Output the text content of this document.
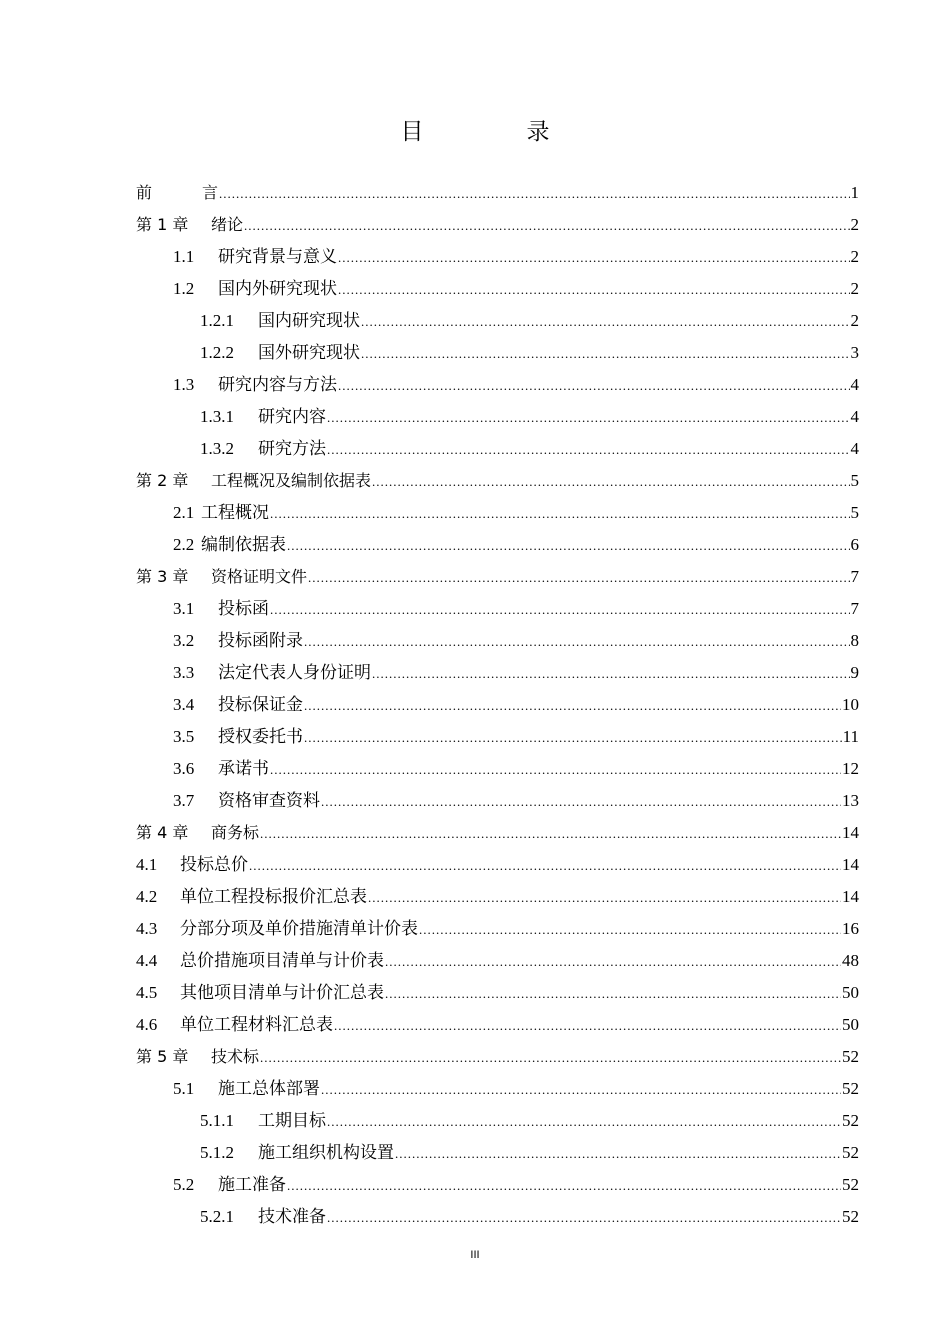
目　录
前 　　言 .....	1
第 1 章	绪论 .....	2
1.1 研究背景与意义 .....	2
1.2 国内外研究现状 .....	2
1.2.1	国内研究现状 .....	2
1.2.2	国外研究现状 .....	3
1.3 研究内容与方法 .....	4
1.3.1	研究内容 .....	4
1.3.2	研究方法 .....	4
第 2 章	工程概况及编制依据表 .....	5
2.1 工程概况 .....	5
2.2 编制依据表 .....	6
第 3 章	资格证明文件 .....	7
3.1 投标函 .....	7
3.2 投标函附录 .....	8
3.3 法定代表人身份证明 .....	9
3.4 投标保证金 .....	10
3.5 授权委托书 .....	11
3.6 承诺书 .....	12
3.7 资格审查资料 .....	13
第 4 章	商务标 .....	14
4.1	投标总价 .....	14
4.2	单位工程投标报价汇总表 .....	14
4.3	分部分项及单价措施清单计价表 .....	16
4.4	总价措施项目清单与计价表 .....	48
4.5	其他项目清单与计价汇总表 .....	50
4.6	单位工程材料汇总表 .....	50
第 5 章	技术标 .....	52
5.1 施工总体部署 .....	52
5.1.1	工期目标 .....	52
5.1.2	施工组织机构设置 .....	52
5.2 施工准备 .....	52
5.2.1	技术准备 .....	52
III
